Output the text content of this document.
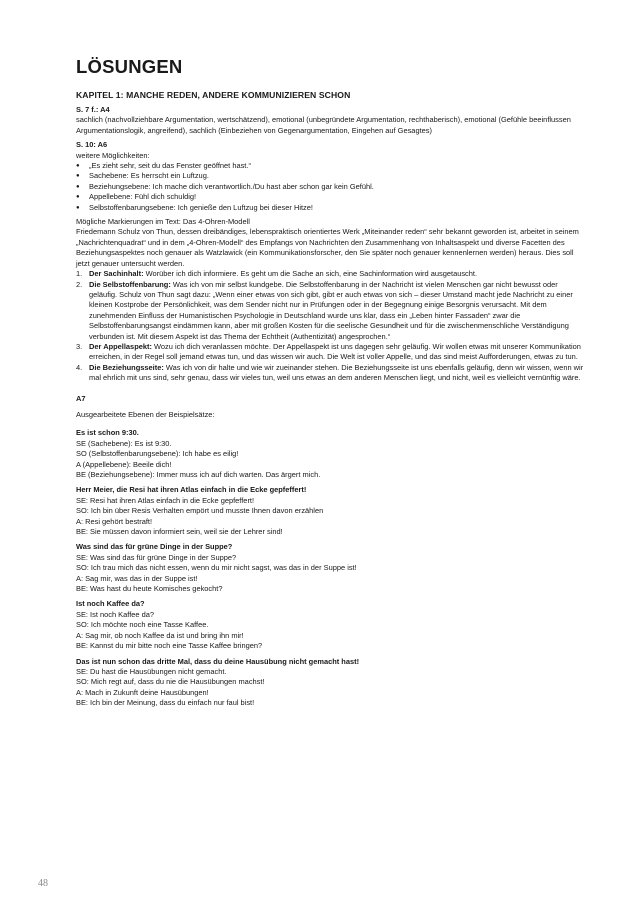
LÖSUNGEN
KAPITEL 1: MANCHE REDEN, ANDERE KOMMUNIZIEREN SCHON
S. 7 f.: A4
sachlich (nachvollziehbare Argumentation, wertschätzend), emotional (unbegründete Argumentation, rechthaberisch), emotional (Gefühle beeinflussen Argumentationslogik, angreifend), sachlich (Einbeziehen von Gegenargumentation, Eingehen auf Gesagtes)
S. 10: A6
weitere Möglichkeiten:
● „Es zieht sehr, seit du das Fenster geöffnet hast.“
● Sachebene: Es herrscht ein Luftzug.
● Beziehungsebene: Ich mache dich verantwortlich./Du hast aber schon gar kein Gefühl.
● Appellebene: Fühl dich schuldig!
● Selbstoffenbarungsebene: Ich genieße den Luftzug bei dieser Hitze!
Mögliche Markierungen im Text: Das 4-Ohren-Modell
Friedemann Schulz von Thun, dessen dreibändiges, lebenspraktisch orientiertes Werk „Miteinander reden“ sehr bekannt geworden ist, arbeitet in seinem „Nachrichtenquadrat“ und in dem „4-Ohren-Modell“ des Empfangs von Nachrichten den Zusammenhang von Inhaltsaspekt und diverse Facetten des Beziehungsaspektes noch genauer als Watzlawick (ein Kommunikationsforscher, den Sie später noch genauer kennenlernen werden) heraus. Dies soll jetzt genauer untersucht werden.
1. Der Sachinhalt: Worüber ich dich informiere. Es geht um die Sache an sich, eine Sachinformation wird ausgetauscht.
2. Die Selbstoffenbarung: Was ich von mir selbst kundgebe. Die Selbstoffenbarung in der Nachricht ist vielen Menschen gar nicht bewusst oder geläufig. Schulz von Thun sagt dazu: „Wenn einer etwas von sich gibt, gibt er auch etwas von sich – dieser Umstand macht jede Nachricht zu einer kleinen Kostprobe der Persönlichkeit, was dem Sender nicht nur in Prüfungen oder in der Begegnung einige Besorgnis verursacht. Mit dem zunehmenden Einfluss der Humanistischen Psychologie in Deutschland wurde uns klar, dass ein „Leben hinter Fassaden“ zwar die Selbstoffenbarungsangst eindämmen kann, aber mit großen Kosten für die seelische Gesundheit und für die zwischenmenschliche Verständigung verbunden ist. Mit diesem Aspekt ist das Thema der Echtheit (Authentizität) angesprochen.“
3. Der Appellaspekt: Wozu ich dich veranlassen möchte. Der Appellaspekt ist uns dagegen sehr geläufig. Wir wollen etwas mit unserer Kommunikation erreichen, in der Regel soll jemand etwas tun, und das wissen wir auch. Die Welt ist voller Appelle, und das sind meist Aufforderungen, etwas zu tun.
4. Die Beziehungsseite: Was ich von dir halte und wie wir zueinander stehen. Die Beziehungsseite ist uns ebenfalls geläufig, denn wir wissen, wenn wir mal ehrlich mit uns sind, sehr genau, dass wir vieles tun, weil uns etwas an dem anderen Menschen liegt, und nicht, weil es vielleicht vernünftig wäre.
A7
Ausgearbeitete Ebenen der Beispielsätze:
Es ist schon 9:30.
SE (Sachebene): Es ist 9:30.
SO (Selbstoffenbarungsebene): Ich habe es eilig!
A (Appellebene): Beeile dich!
BE (Beziehungsebene): Immer muss ich auf dich warten. Das ärgert mich.
Herr Meier, die Resi hat ihren Atlas einfach in die Ecke gepfeffert!
SE: Resi hat ihren Atlas einfach in die Ecke gepfeffert!
SO: Ich bin über Resis Verhalten empört und musste Ihnen davon erzählen
A: Resi gehört bestraft!
BE: Sie müssen davon informiert sein, weil sie der Lehrer sind!
Was sind das für grüne Dinge in der Suppe?
SE: Was sind das für grüne Dinge in der Suppe?
SO: Ich trau mich das nicht essen, wenn du mir nicht sagst, was das in der Suppe ist!
A: Sag mir, was das in der Suppe ist!
BE: Was hast du heute Komisches gekocht?
Ist noch Kaffee da?
SE: Ist noch Kaffee da?
SO: Ich möchte noch eine Tasse Kaffee.
A: Sag mir, ob noch Kaffee da ist und bring ihn mir!
BE: Kannst du mir bitte noch eine Tasse Kaffee bringen?
Das ist nun schon das dritte Mal, dass du deine Hausübung nicht gemacht hast!
SE: Du hast die Hausübungen nicht gemacht.
SO: Mich regt auf, dass du nie die Hausübungen machst!
A: Mach in Zukunft deine Hausübungen!
BE: Ich bin der Meinung, dass du einfach nur faul bist!
48
